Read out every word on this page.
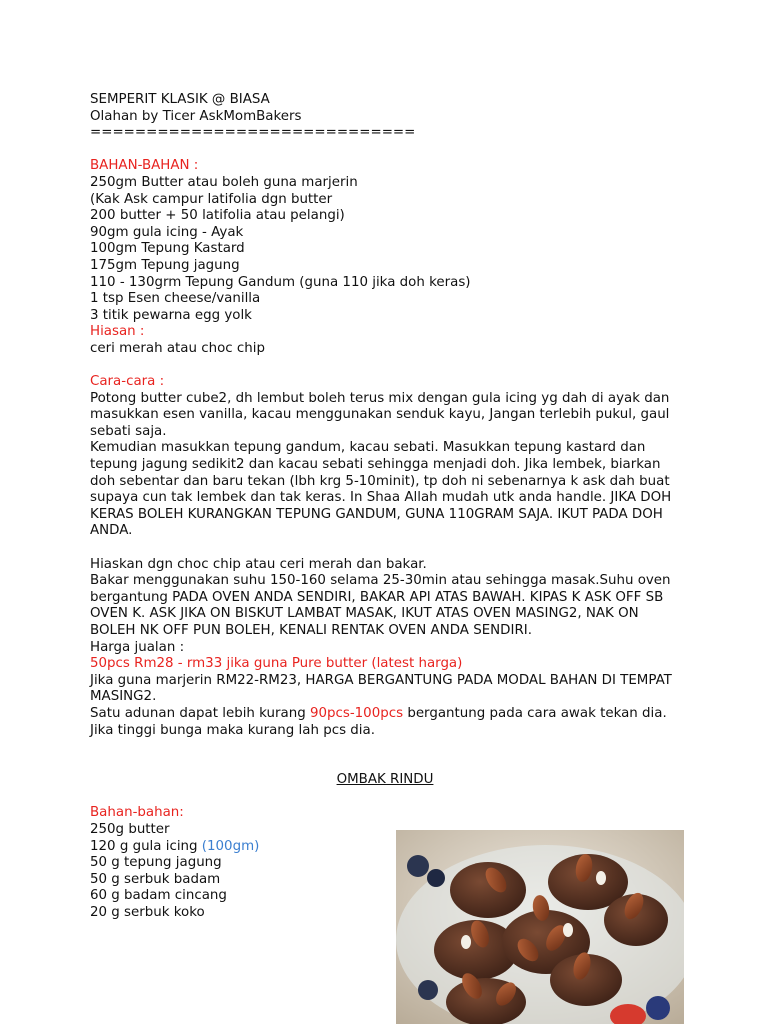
SEMPERIT KLASIK @ BIASA

Olahan by Ticer AskMomBakers

=============================

BAHAN-BAHAN :

250gm Butter atau boleh guna marjerin

(Kak Ask campur latifolia dgn butter

200 butter + 50 latifolia atau pelangi)

90gm gula icing - Ayak

100gm Tepung Kastard

175gm Tepung jagung

110 - 130grm Tepung Gandum (guna 110 jika doh keras)

1 tsp Esen cheese/vanilla

3 titik pewarna egg yolk

Hiasan :

ceri merah atau choc chip

Cara-cara :

Potong butter cube2, dh lembut boleh terus mix dengan gula icing yg dah di ayak dan masukkan esen vanilla, kacau menggunakan senduk kayu, Jangan terlebih pukul, gaul sebati saja.

Kemudian masukkan tepung gandum, kacau sebati. Masukkan tepung kastard dan tepung jagung sedikit2 dan kacau sebati sehingga menjadi doh. Jika lembek, biarkan doh sebentar dan baru tekan (lbh krg 5-10minit), tp doh ni sebenarnya k ask dah buat supaya cun tak lembek dan tak keras. In Shaa Allah mudah utk anda handle. JIKA DOH KERAS BOLEH KURANGKAN TEPUNG GANDUM, GUNA 110GRAM SAJA. IKUT PADA DOH ANDA.

Hiaskan dgn choc chip atau ceri merah dan bakar.

Bakar menggunakan suhu 150-160 selama 25-30min atau sehingga masak.Suhu oven bergantung PADA OVEN ANDA SENDIRI, BAKAR API ATAS BAWAH. KIPAS K ASK OFF SB OVEN K. ASK JIKA ON BISKUT LAMBAT MASAK, IKUT ATAS OVEN MASING2, NAK ON BOLEH NK OFF PUN BOLEH, KENALI RENTAK OVEN ANDA SENDIRI.

Harga jualan :

50pcs Rm28 - rm33 jika guna Pure butter (latest harga)

Jika guna marjerin RM22-RM23, HARGA BERGANTUNG PADA MODAL BAHAN DI TEMPAT MASING2.

Satu adunan dapat lebih kurang 90pcs-100pcs bergantung pada cara awak tekan dia. Jika tinggi bunga maka kurang lah pcs dia.

OMBAK RINDU

Bahan-bahan:

250g butter

120 g gula icing (100gm)

50 g tepung jagung

50 g serbuk badam

60 g badam cincang

20 g serbuk koko
